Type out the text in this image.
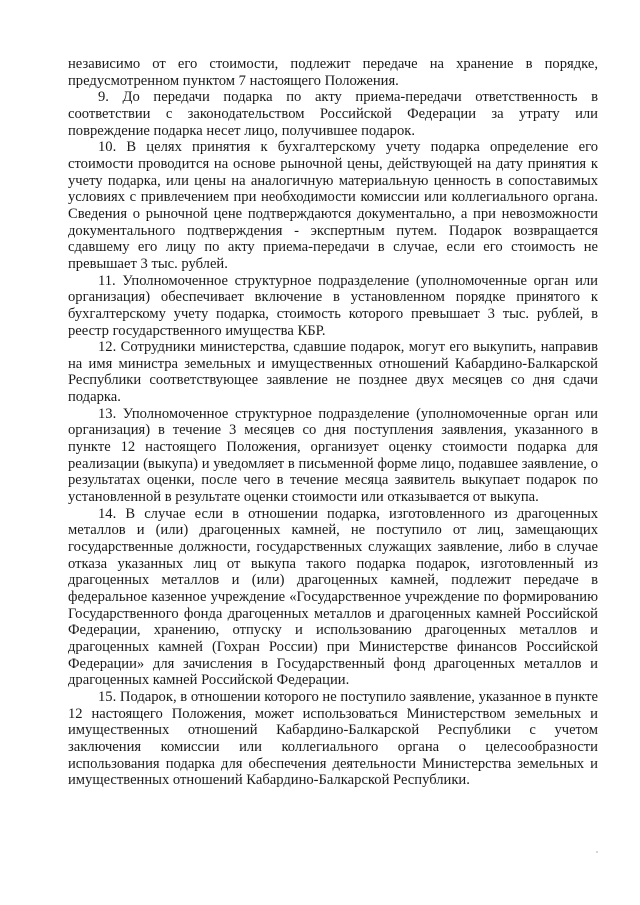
независимо от его стоимости, подлежит передаче на хранение в порядке, предусмотренном пунктом 7 настоящего Положения.

9. До передачи подарка по акту приема-передачи ответственность в соответствии с законодательством Российской Федерации за утрату или повреждение подарка несет лицо, получившее подарок.

10. В целях принятия к бухгалтерскому учету подарка определение его стоимости проводится на основе рыночной цены, действующей на дату принятия к учету подарка, или цены на аналогичную материальную ценность в сопоставимых условиях с привлечением при необходимости комиссии или коллегиального органа. Сведения о рыночной цене подтверждаются документально, а при невозможности документального подтверждения - экспертным путем. Подарок возвращается сдавшему его лицу по акту приема-передачи в случае, если его стоимость не превышает 3 тыс. рублей.

11. Уполномоченное структурное подразделение (уполномоченные орган или организация) обеспечивает включение в установленном порядке принятого к бухгалтерскому учету подарка, стоимость которого превышает 3 тыс. рублей, в реестр государственного имущества КБР.

12. Сотрудники министерства, сдавшие подарок, могут его выкупить, направив на имя министра земельных и имущественных отношений Кабардино-Балкарской Республики соответствующее заявление не позднее двух месяцев со дня сдачи подарка.

13. Уполномоченное структурное подразделение (уполномоченные орган или организация) в течение 3 месяцев со дня поступления заявления, указанного в пункте 12 настоящего Положения, организует оценку стоимости подарка для реализации (выкупа) и уведомляет в письменной форме лицо, подавшее заявление, о результатах оценки, после чего в течение месяца заявитель выкупает подарок по установленной в результате оценки стоимости или отказывается от выкупа.

14. В случае если в отношении подарка, изготовленного из драгоценных металлов и (или) драгоценных камней, не поступило от лиц, замещающих государственные должности, государственных служащих заявление, либо в случае отказа указанных лиц от выкупа такого подарка подарок, изготовленный из драгоценных металлов и (или) драгоценных камней, подлежит передаче в федеральное казенное учреждение «Государственное учреждение по формированию Государственного фонда драгоценных металлов и драгоценных камней Российской Федерации, хранению, отпуску и использованию драгоценных металлов и драгоценных камней (Гохран России) при Министерстве финансов Российской Федерации» для зачисления в Государственный фонд драгоценных металлов и драгоценных камней Российской Федерации.

15. Подарок, в отношении которого не поступило заявление, указанное в пункте 12 настоящего Положения, может использоваться Министерством земельных и имущественных отношений Кабардино-Балкарской Республики с учетом заключения комиссии или коллегиального органа о целесообразности использования подарка для обеспечения деятельности Министерства земельных и имущественных отношений Кабардино-Балкарской Республики.
